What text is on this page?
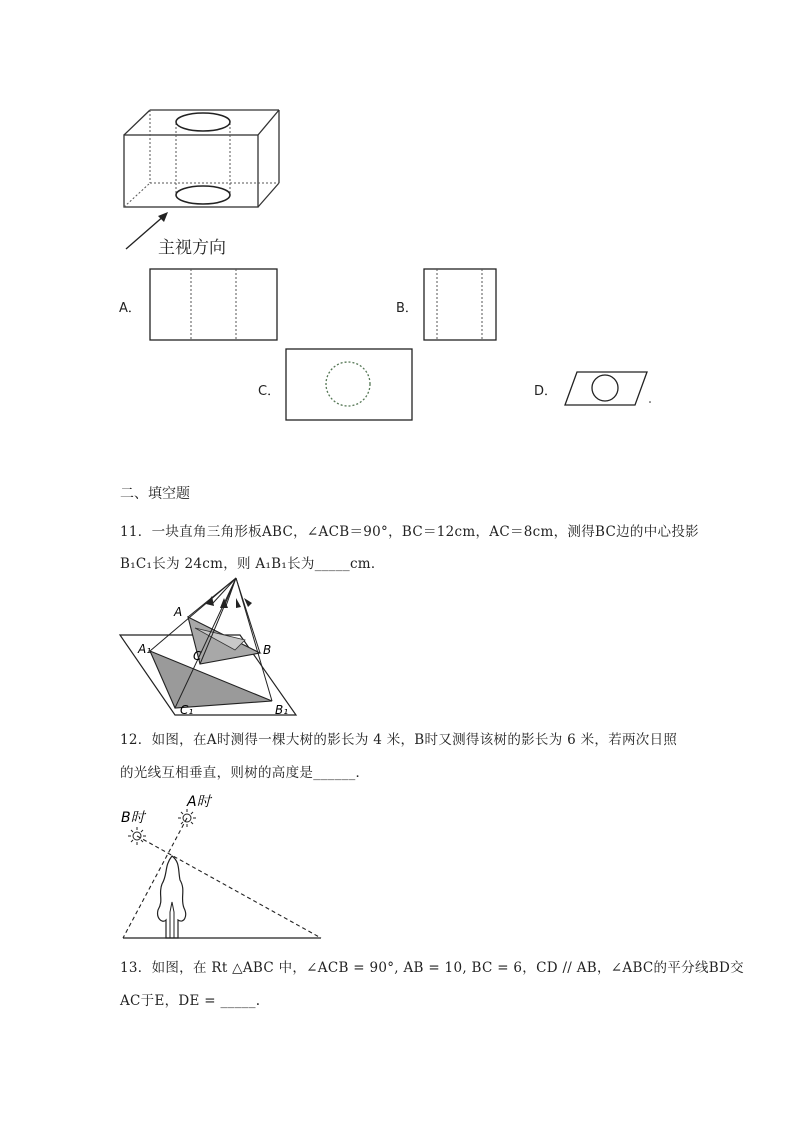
主视方向
A．	B．
C．	D．
二、填空题
11．一块直角三角形板ABC，∠ACB＝90°，BC＝12cm，AC＝8cm，测得BC边的中心投影
B₁C₁长为 24cm，则 A₁B₁长为_____cm．
A
A₁	C	B
C₁	B₁
12．如图，在A时测得一棵大树的影长为 4 米，B时又测得该树的影长为 6 米，若两次日照
的光线互相垂直，则树的高度是______．
B时
A时
13．如图，在 Rt △ABC 中，∠ACB = 90°, AB = 10, BC = 6，CD // AB，∠ABC的平分线BD交
AC于E，DE = _____.
